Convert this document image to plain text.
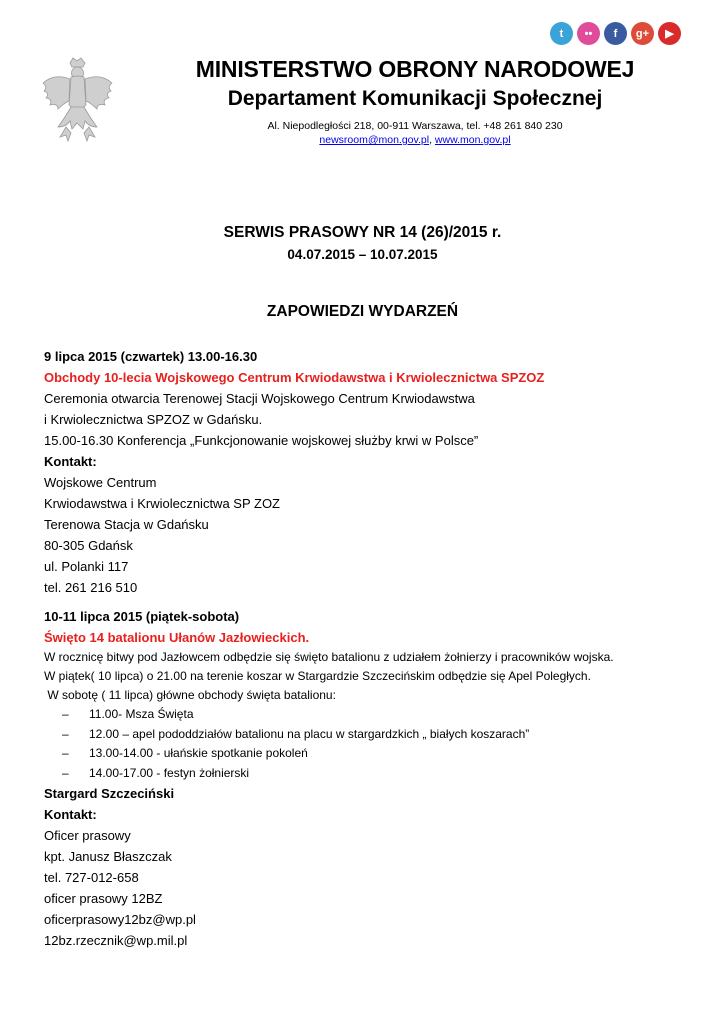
t	••	f	g+	▶
MINISTERSTWO OBRONY NARODOWEJ
Departament Komunikacji Społecznej
Al. Niepodległości 218, 00-911 Warszawa, tel. +48 261 840 230
newsroom@mon.gov.pl, www.mon.gov.pl
SERWIS PRASOWY NR 14 (26)/2015 r.
04.07.2015 – 10.07.2015
ZAPOWIEDZI WYDARZEŃ
9 lipca 2015 (czwartek) 13.00-16.30
Obchody 10-lecia Wojskowego Centrum Krwiodawstwa i Krwiolecznictwa SPZOZ
Ceremonia otwarcia Terenowej Stacji Wojskowego Centrum Krwiodawstwa
i Krwiolecznictwa SPZOZ w Gdańsku.
15.00-16.30 Konferencja „Funkcjonowanie wojskowej służby krwi w Polsce”
Kontakt:
Wojskowe Centrum
Krwiodawstwa i Krwiolecznictwa SP ZOZ
Terenowa Stacja w Gdańsku
80-305 Gdańsk
ul. Polanki 117
tel. 261 216 510
10-11 lipca 2015 (piątek-sobota)
Święto 14 batalionu Ułanów Jazłowieckich.
W rocznicę bitwy pod Jazłowcem odbędzie się święto batalionu z udziałem żołnierzy i pracowników wojska.
W piątek( 10 lipca) o 21.00 na terenie koszar w Stargardzie Szczecińskim odbędzie się Apel Poległych.
W sobotę ( 11 lipca) główne obchody święta batalionu:
– 11.00- Msza Święta
– 12.00 – apel pododdziałów batalionu na placu w stargardzkich „ białych koszarach”
– 13.00-14.00 - ułańskie spotkanie pokoleń
– 14.00-17.00 - festyn żołnierski
Stargard Szczeciński
Kontakt:
Oficer prasowy
kpt. Janusz Błaszczak
tel. 727-012-658
oficer prasowy 12BZ
oficerprasowy12bz@wp.pl
12bz.rzecznik@wp.mil.pl
